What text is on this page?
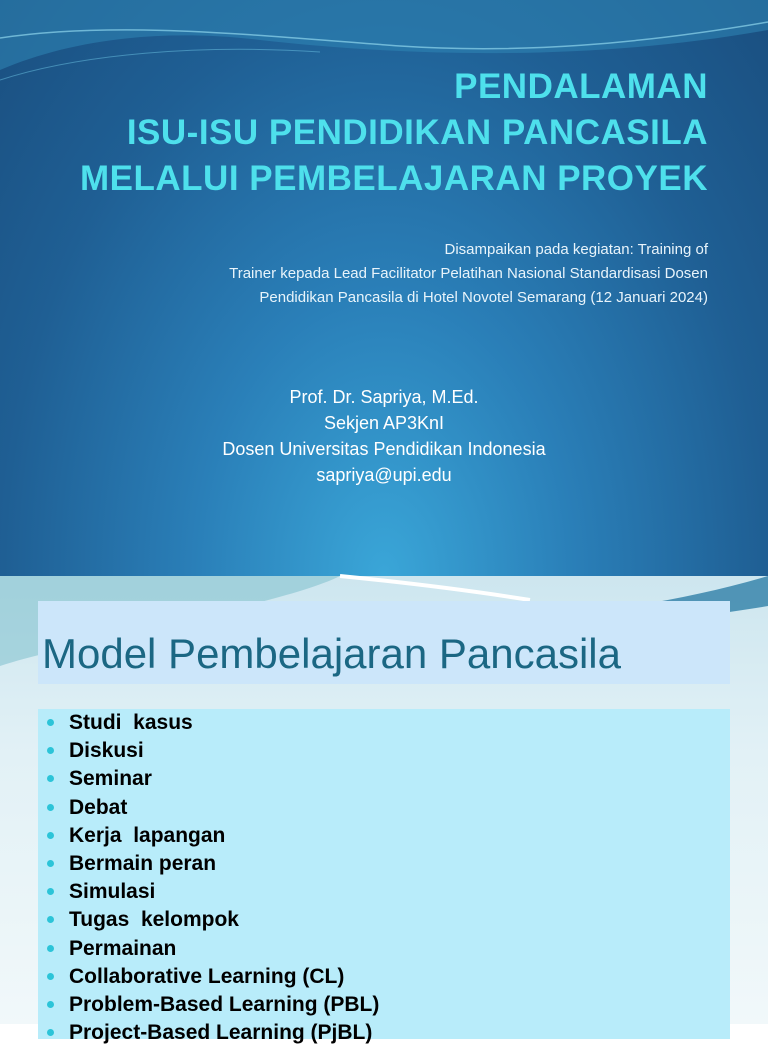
PENDALAMAN
ISU-ISU PENDIDIKAN PANCASILA
MELALUI PEMBELAJARAN PROYEK
Disampaikan pada kegiatan: Training of
Trainer kepada Lead Facilitator Pelatihan Nasional Standardisasi Dosen
Pendidikan Pancasila di Hotel Novotel Semarang (12 Januari 2024)
Prof. Dr. Sapriya, M.Ed.
Sekjen AP3KnI
Dosen Universitas Pendidikan Indonesia
sapriya@upi.edu
Model Pembelajaran Pancasila
Studi  kasus
Diskusi
Seminar
Debat
Kerja  lapangan
Bermain peran
Simulasi
Tugas  kelompok
Permainan
Collaborative Learning (CL)
Problem-Based Learning (PBL)
Project-Based Learning (PjBL)
